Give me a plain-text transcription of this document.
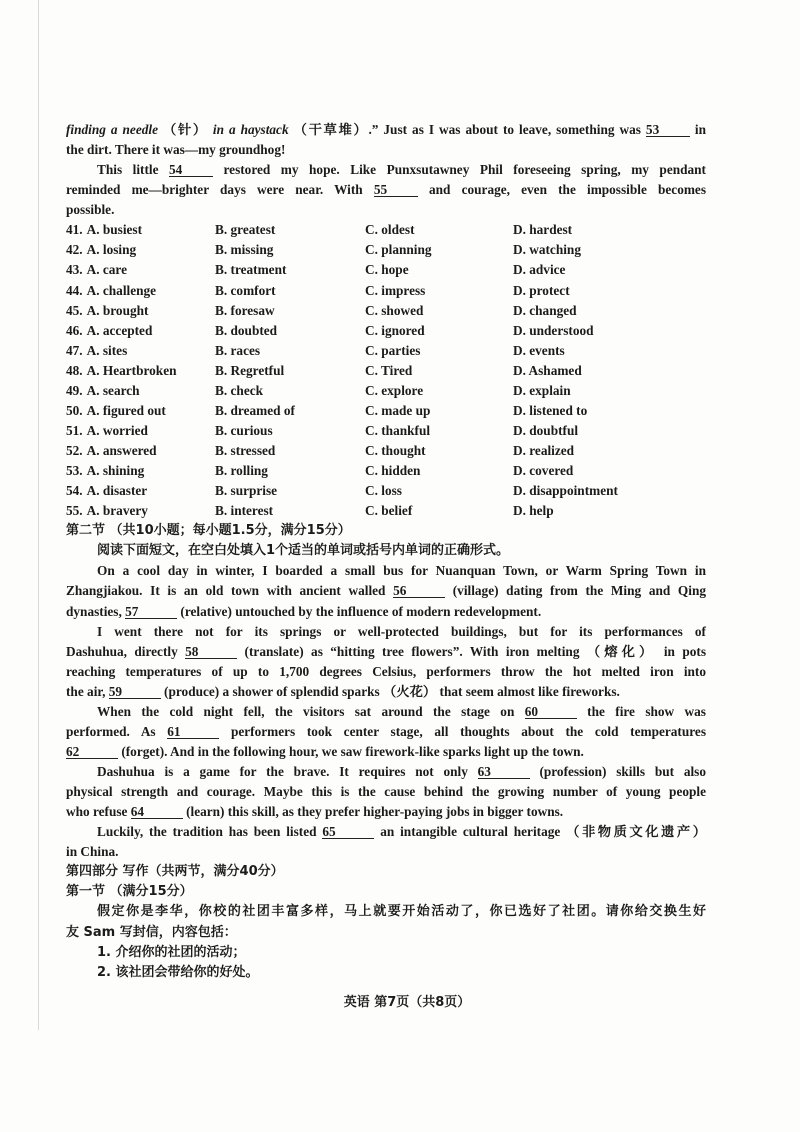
finding a needle （针） in a haystack （干草堆）.” Just as I was about to leave, something was 53 in
the dirt. There it was—my groundhog!
This little 54 restored my hope. Like Punxsutawney Phil foreseeing spring, my pendant
reminded me—brighter days were near. With 55 and courage, even the impossible becomes
possible.
41. A. busiest	B. greatest	C. oldest	D. hardest
42. A. losing	B. missing	C. planning	D. watching
43. A. care	B. treatment	C. hope	D. advice
44. A. challenge	B. comfort	C. impress	D. protect
45. A. brought	B. foresaw	C. showed	D. changed
46. A. accepted	B. doubted	C. ignored	D. understood
47. A. sites	B. races	C. parties	D. events
48. A. Heartbroken	B. Regretful	C. Tired	D. Ashamed
49. A. search	B. check	C. explore	D. explain
50. A. figured out	B. dreamed of	C. made up	D. listened to
51. A. worried	B. curious	C. thankful	D. doubtful
52. A. answered	B. stressed	C. thought	D. realized
53. A. shining	B. rolling	C. hidden	D. covered
54. A. disaster	B. surprise	C. loss	D. disappointment
55. A. bravery	B. interest	C. belief	D. help
第二节 （共10小题；每小题1.5分，满分15分）
阅读下面短文，在空白处填入1个适当的单词或括号内单词的正确形式。
On a cool day in winter, I boarded a small bus for Nuanquan Town, or Warm Spring Town in
Zhangjiakou. It is an old town with ancient walled 56	(village) dating from the Ming and Qing
dynasties, 57	(relative) untouched by the influence of modern redevelopment.
I went there not for its springs or well-protected buildings, but for its performances of
Dashuhua, directly 58	(translate) as “hitting tree flowers”. With iron melting （熔化） in pots
reaching temperatures of up to 1,700 degrees Celsius, performers throw the hot melted iron into
the air, 59	(produce) a shower of splendid sparks （火花） that seem almost like fireworks.
When the cold night fell, the visitors sat around the stage on 60	the fire show was
performed. As 61	performers took center stage, all thoughts about the cold temperatures
62	(forget). And in the following hour, we saw firework-like sparks light up the town.
Dashuhua is a game for the brave. It requires not only 63	(profession) skills but also
physical strength and courage. Maybe this is the cause behind the growing number of young people
who refuse 64	(learn) this skill, as they prefer higher-paying jobs in bigger towns.
Luckily, the tradition has been listed 65	an intangible cultural heritage （非物质文化遗产）
in China.
第四部分 写作（共两节，满分40分）
第一节 （满分15分）
假定你是李华，你校的社团丰富多样，马上就要开始活动了，你已选好了社团。请你给交换生好
友 Sam 写封信，内容包括：
1. 介绍你的社团的活动；
2. 该社团会带给你的好处。
英语 第7页（共8页）
